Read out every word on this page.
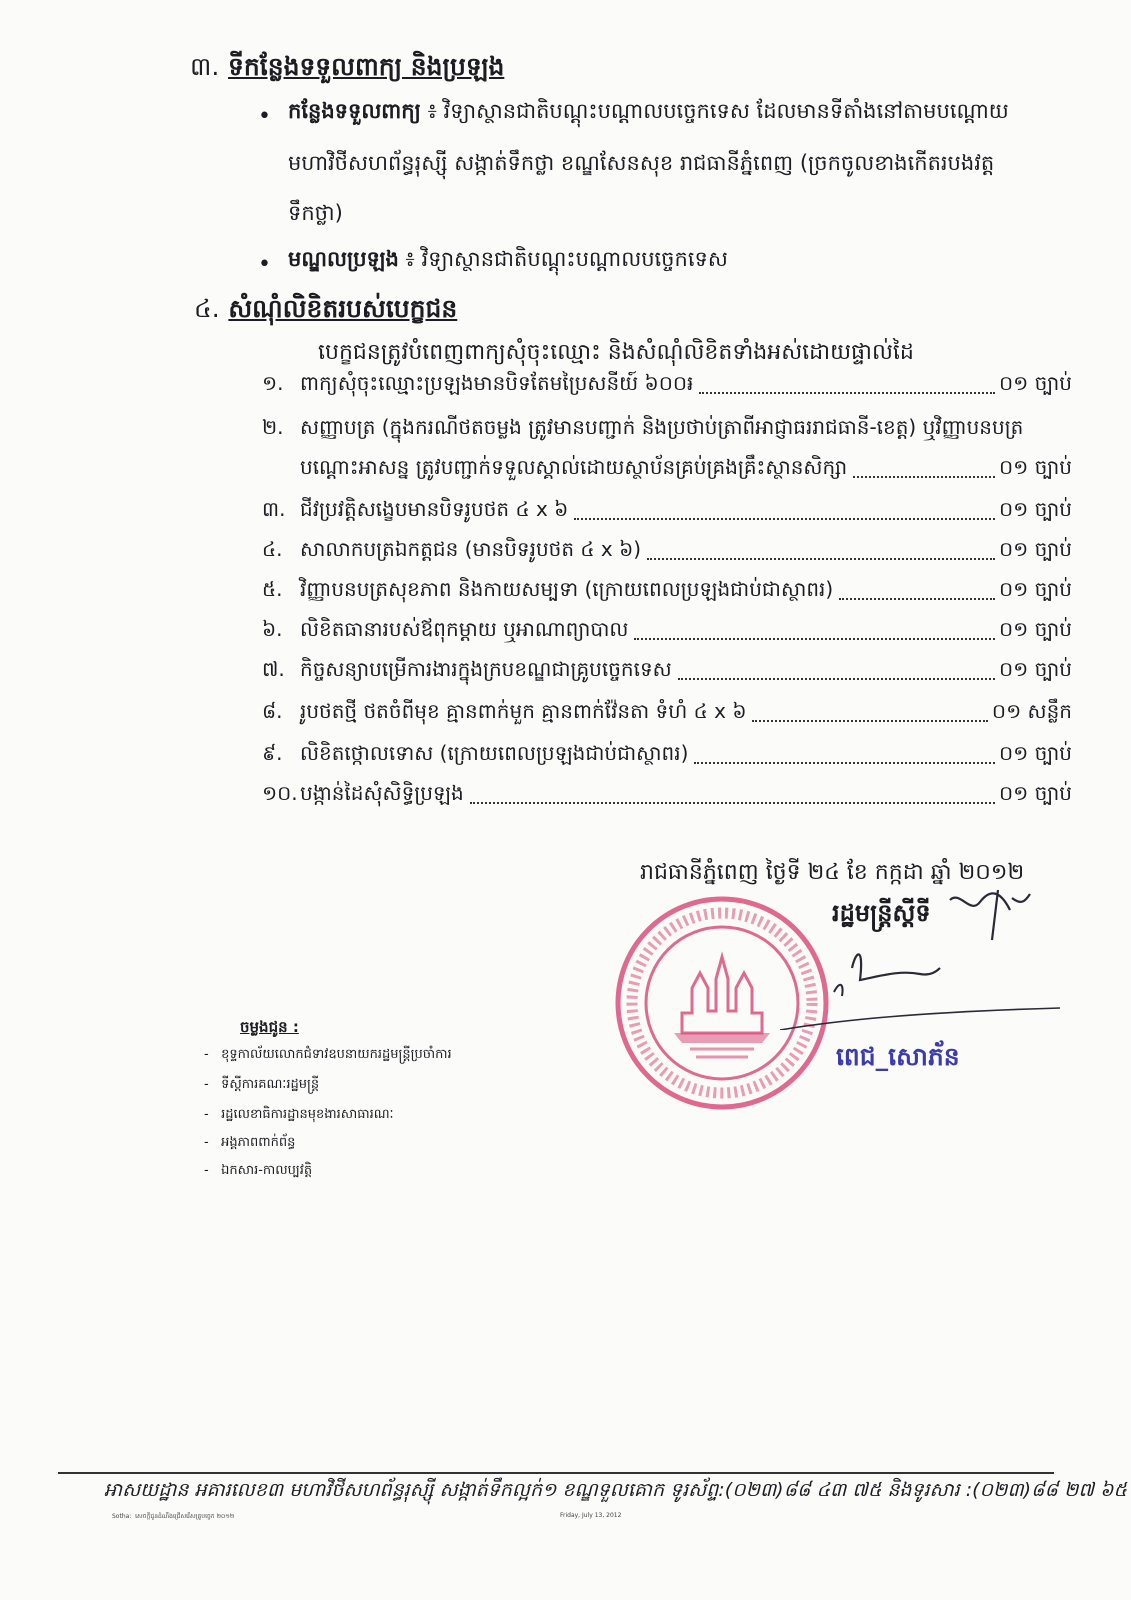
៣. ទីកន្លែងទទួលពាក្យ និងប្រឡង
• កន្លែងទទួលពាក្យ ៖ វិទ្យាស្ថានជាតិបណ្តុះបណ្តាលបច្ចេកទេស ដែលមានទីតាំងនៅតាមបណ្តោយ
មហាវិថីសហព័ន្ធរុស្ស៊ី សង្កាត់ទឹកថ្លា ខណ្ឌសែនសុខ រាជធានីភ្នំពេញ (ច្រកចូលខាងកើតរបងវត្ត
ទឹកថ្លា)
• មណ្ឌលប្រឡង ៖ វិទ្យាស្ថានជាតិបណ្តុះបណ្តាលបច្ចេកទេស
៤. សំណុំលិខិតរបស់បេក្ខជន
បេក្ខជនត្រូវបំពេញពាក្យសុំចុះឈ្មោះ និងសំណុំលិខិតទាំងអស់ដោយផ្ទាល់ដៃ
១. ពាក្យសុំចុះឈ្មោះប្រឡងមានបិទតែមប្រៃសនីយ៍ ៦០០៛	០១ ច្បាប់
២. សញ្ញាបត្រ (ក្នុងករណីថតចម្លង ត្រូវមានបញ្ជាក់ និងប្រថាប់ត្រាពីអាជ្ញាធររាជធានី-ខេត្ត) ឬវិញ្ញាបនបត្រ
បណ្តោះអាសន្ន ត្រូវបញ្ជាក់ទទួលស្គាល់ដោយស្ថាប័នគ្រប់គ្រងគ្រឹះស្ថានសិក្សា	០១ ច្បាប់
៣. ជីវប្រវត្តិសង្ខេបមានបិទរូបថត ៤ x ៦	០១ ច្បាប់
៤. សាលាកបត្រឯកត្តជន (មានបិទរូបថត ៤ x ៦)	០១ ច្បាប់
៥. វិញ្ញាបនបត្រសុខភាព និងកាយសម្បទា (ក្រោយពេលប្រឡងជាប់ជាស្ថាពរ)	០១ ច្បាប់
៦. លិខិតធានារបស់ឪពុកម្តាយ ឬអាណាព្យាបាល	០១ ច្បាប់
៧. កិច្ចសន្យាបម្រើការងារក្នុងក្របខណ្ឌជាគ្រូបច្ចេកទេស	០១ ច្បាប់
៨. រូបថតថ្មី ថតចំពីមុខ គ្មានពាក់មួក គ្មានពាក់វ៉ែនតា ទំហំ ៤ x ៦	០១ សន្លឹក
៩. លិខិតថ្កោលទោស (ក្រោយពេលប្រឡងជាប់ជាស្ថាពរ)	០១ ច្បាប់
១០. បង្កាន់ដៃសុំសិទ្ធិប្រឡង	០១ ច្បាប់
រាជធានីភ្នំពេញ ថ្ងៃទី ២៤ ខែ កក្កដា ឆ្នាំ ២០១២
រដ្ឋមន្ត្រីស្តីទី
ពេជ_សោភ័ន
ចម្លងជូន :
-   ខុទ្ទកាល័យលោកជំទាវឧបនាយករដ្ឋមន្ត្រីប្រចាំការ
-   ទីស្តីការគណៈរដ្ឋមន្ត្រី
-   រដ្ឋលេខាធិការដ្ឋានមុខងារសាធារណៈ
-   អង្គភាពពាក់ព័ន្ធ
-   ឯកសារ-កាលប្បវត្តិ
អាសយដ្ឋាន អគារលេខ៣ មហាវិថីសហព័ន្ធរុស្ស៊ី សង្កាត់ទឹកល្អក់១ ខណ្ឌទួលគោក ទូរស័ព្ទ:(០២៣)៨៨ ៤៣ ៧៥ និងទូរសារ :(០២៣)៨៨ ២៧ ៦៥
Sotha: ​ ​សេចក្តីជូនដំណឹងជ្រើសរើសគ្រូបច្ចេក ២០១២	Friday, July 13, 2012
